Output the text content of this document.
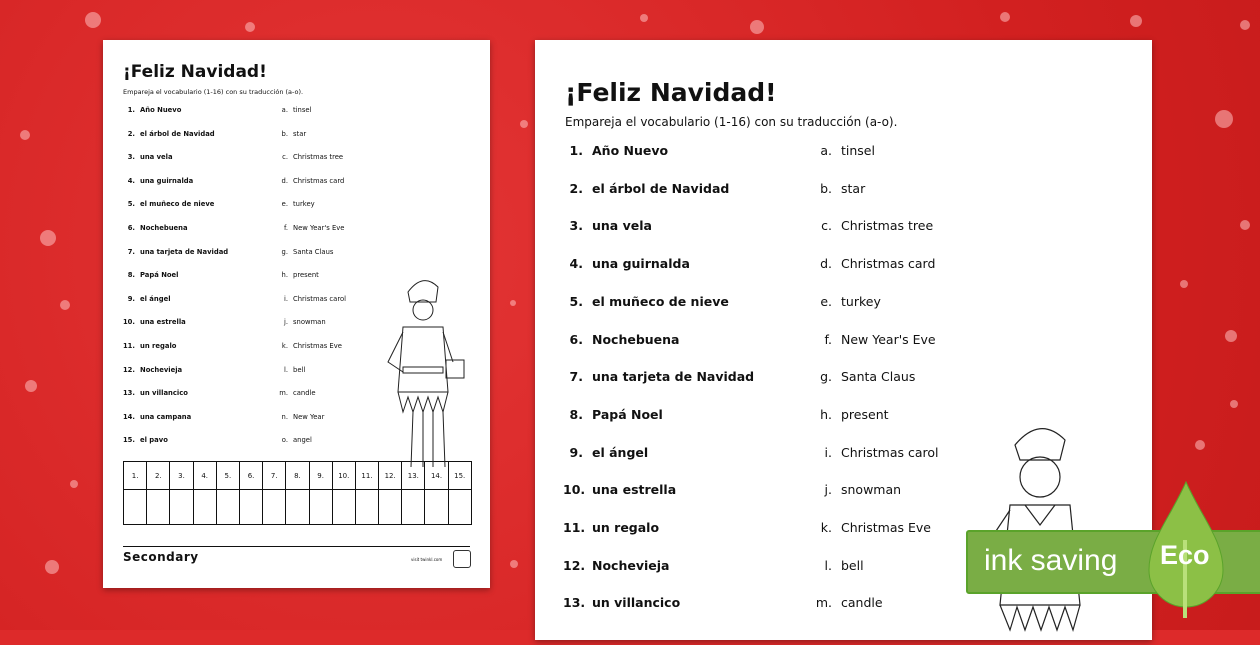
¡Feliz Navidad!
Empareja el vocabulario (1-16) con su traducción (a-o).
1. Año Nuevo	a. tinsel
2. el árbol de Navidad	b. star
3. una vela	c. Christmas tree
4. una guirnalda	d. Christmas card
5. el muñeco de nieve	e. turkey
6. Nochebuena	f. New Year's Eve
7. una tarjeta de Navidad	g. Santa Claus
8. Papá Noel	h. present
9. el ángel	i. Christmas carol
10. una estrella	j. snowman
11. un regalo	k. Christmas Eve
12. Nochevieja	l. bell
13. un villancico	m. candle
14. una campana	n. New Year
15. el pavo	o. angel
1.	2.	3.	4.	5.	6.	7.	8.	9.	10.	11.	12.	13.	14.	15.

Secondary	visit twinkl.com
¡Feliz Navidad!
Empareja el vocabulario (1-16) con su traducción (a-o).
1. Año Nuevo	a. tinsel
2. el árbol de Navidad	b. star
3. una vela	c. Christmas tree
4. una guirnalda	d. Christmas card
5. el muñeco de nieve	e. turkey
6. Nochebuena	f. New Year's Eve
7. una tarjeta de Navidad	g. Santa Claus
8. Papá Noel	h. present
9. el ángel	i. Christmas carol
10. una estrella	j. snowman
11. un regalo	k. Christmas Eve
12. Nochevieja	l. bell
13. un villancico	m. candle
ink saving Eco
